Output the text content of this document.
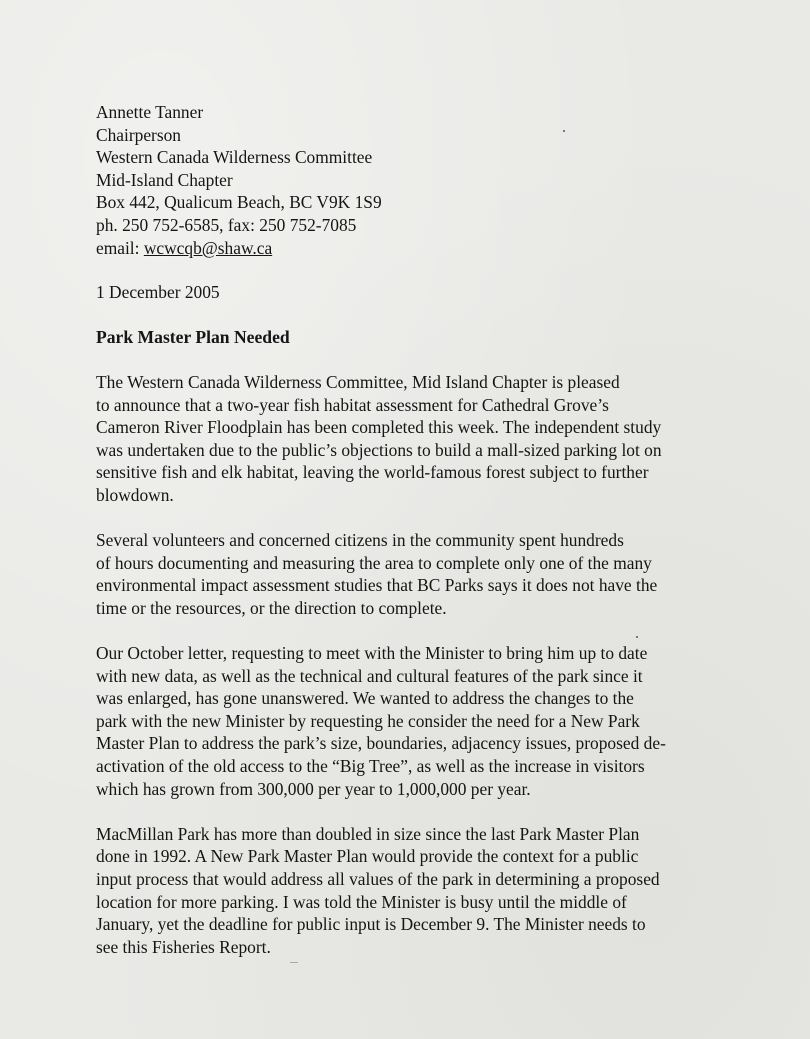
Annette Tanner
Chairperson
Western Canada Wilderness Committee
Mid-Island Chapter
Box 442, Qualicum Beach, BC V9K 1S9
ph. 250 752-6585, fax: 250 752-7085
email: wcwcqb@shaw.ca
1 December 2005
Park Master Plan Needed
The Western Canada Wilderness Committee, Mid Island Chapter is pleased
to announce that a two-year fish habitat assessment for Cathedral Grove’s
Cameron River Floodplain has been completed this week. The independent study
was undertaken due to the public’s objections to build a mall-sized parking lot on
sensitive fish and elk habitat, leaving the world-famous forest subject to further
blowdown.
Several volunteers and concerned citizens in the community spent hundreds
of hours documenting and measuring the area to complete only one of the many
environmental impact assessment studies that BC Parks says it does not have the
time or the resources, or the direction to complete.
Our October letter, requesting to meet with the Minister to bring him up to date
with new data, as well as the technical and cultural features of the park since it
was enlarged, has gone unanswered. We wanted to address the changes to the
park with the new Minister by requesting he consider the need for a New Park
Master Plan to address the park’s size, boundaries, adjacency issues, proposed de-
activation of the old access to the “Big Tree”, as well as the increase in visitors
which has grown from 300,000 per year to 1,000,000 per year.
MacMillan Park has more than doubled in size since the last Park Master Plan
done in 1992. A New Park Master Plan would provide the context for a public
input process that would address all values of the park in determining a proposed
location for more parking. I was told the Minister is busy until the middle of
January, yet the deadline for public input is December 9. The Minister needs to
see this Fisheries Report.
